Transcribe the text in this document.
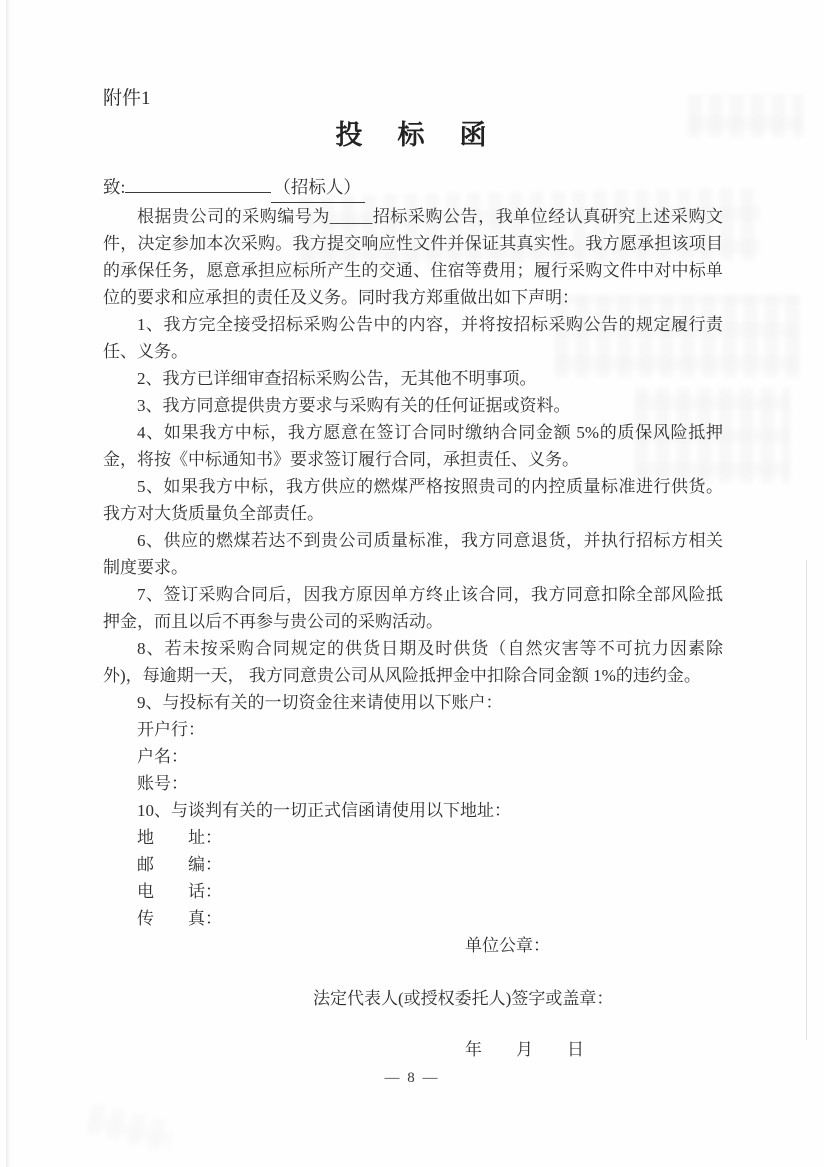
附件1
投　标　函
致:	（招标人）

根据贵公司的采购编号为_____招标采购公告，我单位经认真研究上述采购文件，决定参加本次采购。我方提交响应性文件并保证其真实性。我方愿承担该项目的承保任务，愿意承担应标所产生的交通、住宿等费用；履行采购文件中对中标单位的要求和应承担的责任及义务。同时我方郑重做出如下声明：

1、我方完全接受招标采购公告中的内容，并将按招标采购公告的规定履行责任、义务。

2、我方已详细审查招标采购公告，无其他不明事项。

3、我方同意提供贵方要求与采购有关的任何证据或资料。

4、如果我方中标，我方愿意在签订合同时缴纳合同金额 5%的质保风险抵押金，将按《中标通知书》要求签订履行合同，承担责任、义务。

5、如果我方中标，我方供应的燃煤严格按照贵司的内控质量标准进行供货。我方对大货质量负全部责任。

6、供应的燃煤若达不到贵公司质量标准，我方同意退货，并执行招标方相关制度要求。

7、签订采购合同后，因我方原因单方终止该合同，我方同意扣除全部风险抵押金，而且以后不再参与贵公司的采购活动。

8、若未按采购合同规定的供货日期及时供货（自然灾害等不可抗力因素除外)，每逾期一天， 我方同意贵公司从风险抵押金中扣除合同金额 1%的违约金。

9、与投标有关的一切资金往来请使用以下账户：

开户行：

户名：

账号：

10、与谈判有关的一切正式信函请使用以下地址：

地　　址：

邮　　编：

电　　话：

传　　真：

单位公章：

法定代表人(或授权委托人)签字或盖章：

年　　月　　日

— 8 —
